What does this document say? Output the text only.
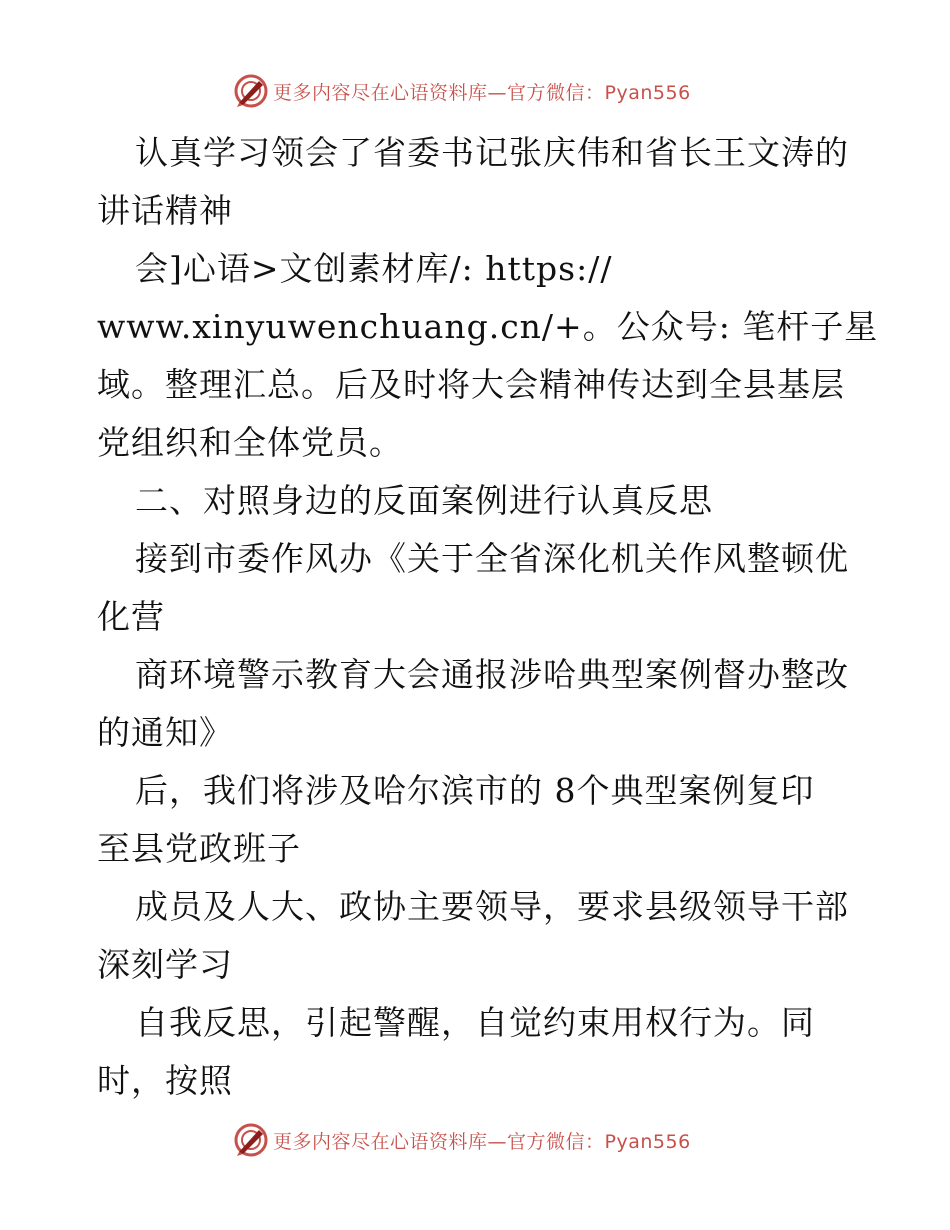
更多内容尽在心语资料库—官方微信：Pyan556
认真学习领会了省委书记张庆伟和省长王文涛的
讲话精神
会]心语>文创素材库/: https://
www.xinyuwenchuang.cn/+。公众号: 笔杆子星
域。整理汇总。后及时将大会精神传达到全县基层
党组织和全体党员。
二、对照身边的反面案例进行认真反思
接到市委作风办《关于全省深化机关作风整顿优
化营
商环境警示教育大会通报涉哈典型案例督办整改
的通知》
后，我们将涉及哈尔滨市的 8个典型案例复印
至县党政班子
成员及人大、政协主要领导，要求县级领导干部
深刻学习
自我反思，引起警醒，自觉约束用权行为。同
时，按照
更多内容尽在心语资料库—官方微信：Pyan556
